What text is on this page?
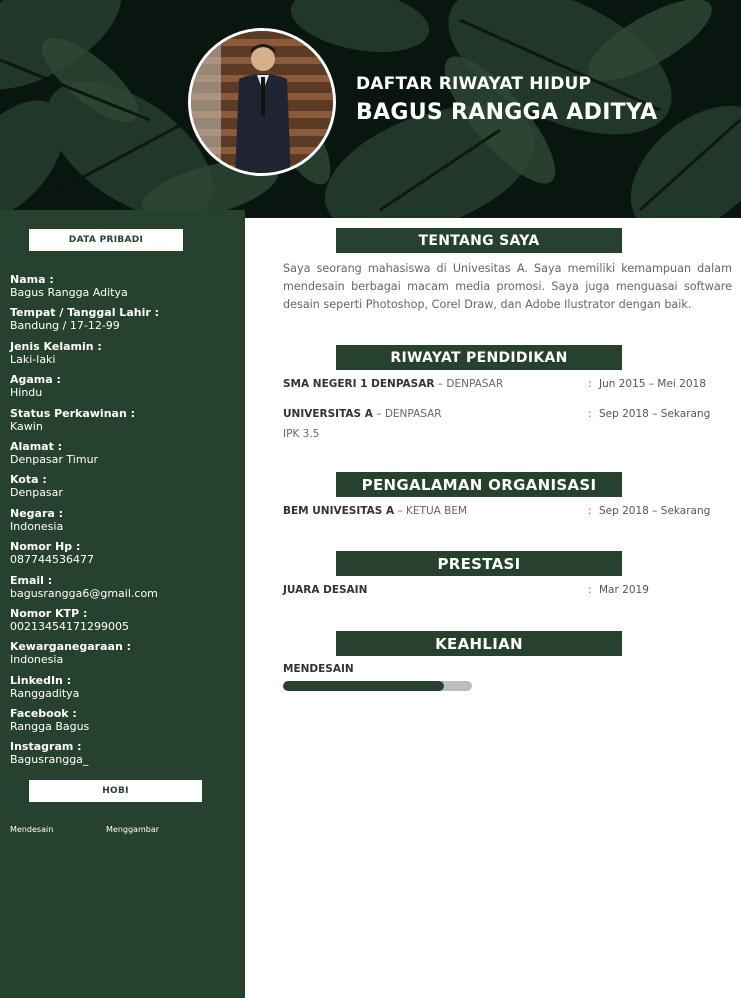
DAFTAR RIWAYAT HIDUP
BAGUS RANGGA ADITYA
DATA PRIBADI
Nama :
Bagus Rangga Aditya
Tempat / Tanggal Lahir :
Bandung / 17-12-99
Jenis Kelamin :
Laki-laki
Agama :
Hindu
Status Perkawinan :
Kawin
Alamat :
Denpasar Timur
Kota :
Denpasar
Negara :
Indonesia
Nomor Hp :
087744536477
Email :
bagusrangga6@gmail.com
Nomor KTP :
00213454171299005
Kewarganegaraan :
Indonesia
LinkedIn :
Ranggaditya
Facebook :
Rangga Bagus
Instagram :
Bagusrangga_
HOBI
Mendesain	Menggambar
TENTANG SAYA
Saya seorang mahasiswa di Univesitas A. Saya memiliki kemampuan dalam mendesain berbagai macam media promosi. Saya juga menguasai software desain seperti Photoshop, Corel Draw, dan Adobe Ilustrator dengan baik.
RIWAYAT PENDIDIKAN
SMA NEGERI 1 DENPASAR – DENPASAR	: Jun 2015 – Mei 2018
UNIVERSITAS A – DENPASAR	: Sep 2018 – Sekarang
IPK 3.5
PENGALAMAN ORGANISASI
BEM UNIVESITAS A – KETUA BEM	: Sep 2018 – Sekarang
PRESTASI
JUARA DESAIN	: Mar 2019
KEAHLIAN
MENDESAIN
